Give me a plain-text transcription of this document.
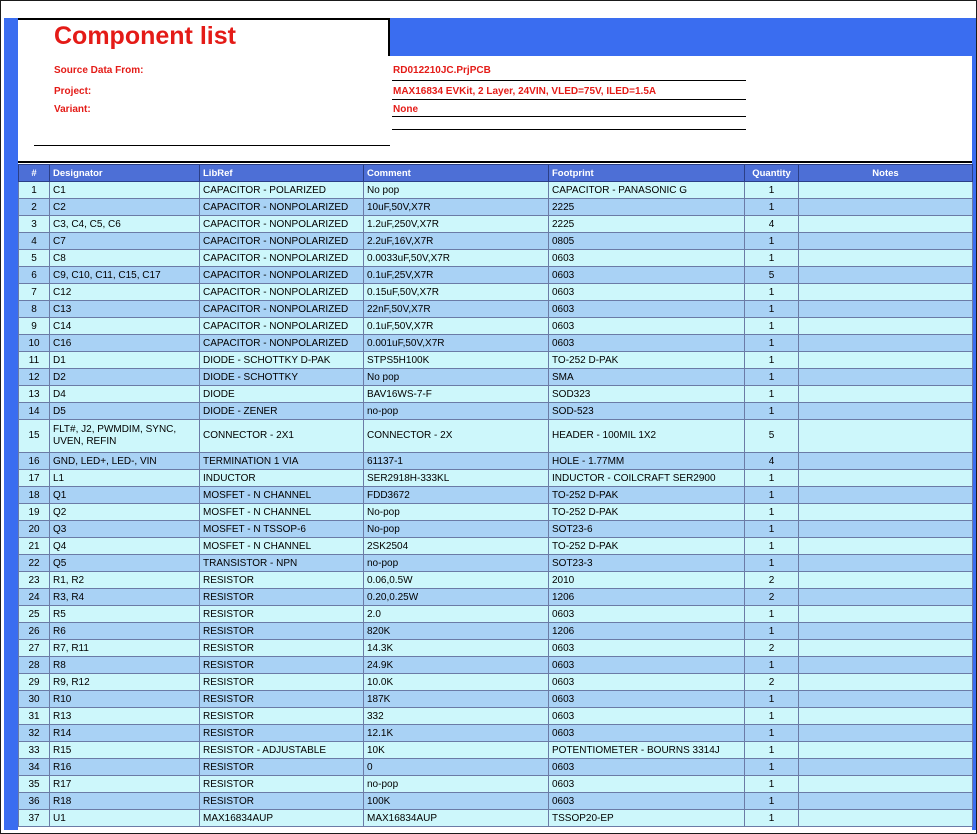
Component list
Source Data From:	RD012210JC.PrjPCB
Project:	MAX16834 EVKit, 2 Layer, 24VIN, VLED=75V, ILED=1.5A
Variant:	None
#	Designator	LibRef	Comment	Footprint	Quantity	Notes
1	C1	CAPACITOR - POLARIZED	No pop	CAPACITOR - PANASONIC G	1	
2	C2	CAPACITOR - NONPOLARIZED	10uF,50V,X7R	2225	1	
3	C3, C4, C5, C6	CAPACITOR - NONPOLARIZED	1.2uF,250V,X7R	2225	4	
4	C7	CAPACITOR - NONPOLARIZED	2.2uF,16V,X7R	0805	1	
5	C8	CAPACITOR - NONPOLARIZED	0.0033uF,50V,X7R	0603	1	
6	C9, C10, C11, C15, C17	CAPACITOR - NONPOLARIZED	0.1uF,25V,X7R	0603	5	
7	C12	CAPACITOR - NONPOLARIZED	0.15uF,50V,X7R	0603	1	
8	C13	CAPACITOR - NONPOLARIZED	22nF,50V,X7R	0603	1	
9	C14	CAPACITOR - NONPOLARIZED	0.1uF,50V,X7R	0603	1	
10	C16	CAPACITOR - NONPOLARIZED	0.001uF,50V,X7R	0603	1	
11	D1	DIODE - SCHOTTKY D-PAK	STPS5H100K	TO-252 D-PAK	1	
12	D2	DIODE - SCHOTTKY	No pop	SMA	1	
13	D4	DIODE	BAV16WS-7-F	SOD323	1	
14	D5	DIODE - ZENER	no-pop	SOD-523	1	
15	FLT#, J2, PWMDIM, SYNC, UVEN, REFIN	CONNECTOR - 2X1	CONNECTOR - 2X	HEADER - 100MIL 1X2	5	
16	GND, LED+, LED-, VIN	TERMINATION 1 VIA	61137-1	HOLE - 1.77MM	4	
17	L1	INDUCTOR	SER2918H-333KL	INDUCTOR - COILCRAFT SER2900	1	
18	Q1	MOSFET - N CHANNEL	FDD3672	TO-252 D-PAK	1	
19	Q2	MOSFET - N CHANNEL	No-pop	TO-252 D-PAK	1	
20	Q3	MOSFET - N TSSOP-6	No-pop	SOT23-6	1	
21	Q4	MOSFET - N CHANNEL	2SK2504	TO-252 D-PAK	1	
22	Q5	TRANSISTOR - NPN	no-pop	SOT23-3	1	
23	R1, R2	RESISTOR	0.06,0.5W	2010	2	
24	R3, R4	RESISTOR	0.20,0.25W	1206	2	
25	R5	RESISTOR	2.0	0603	1	
26	R6	RESISTOR	820K	1206	1	
27	R7, R11	RESISTOR	14.3K	0603	2	
28	R8	RESISTOR	24.9K	0603	1	
29	R9, R12	RESISTOR	10.0K	0603	2	
30	R10	RESISTOR	187K	0603	1	
31	R13	RESISTOR	332	0603	1	
32	R14	RESISTOR	12.1K	0603	1	
33	R15	RESISTOR - ADJUSTABLE	10K	POTENTIOMETER - BOURNS 3314J	1	
34	R16	RESISTOR	0	0603	1	
35	R17	RESISTOR	no-pop	0603	1	
36	R18	RESISTOR	100K	0603	1	
37	U1	MAX16834AUP	MAX16834AUP	TSSOP20-EP	1	
